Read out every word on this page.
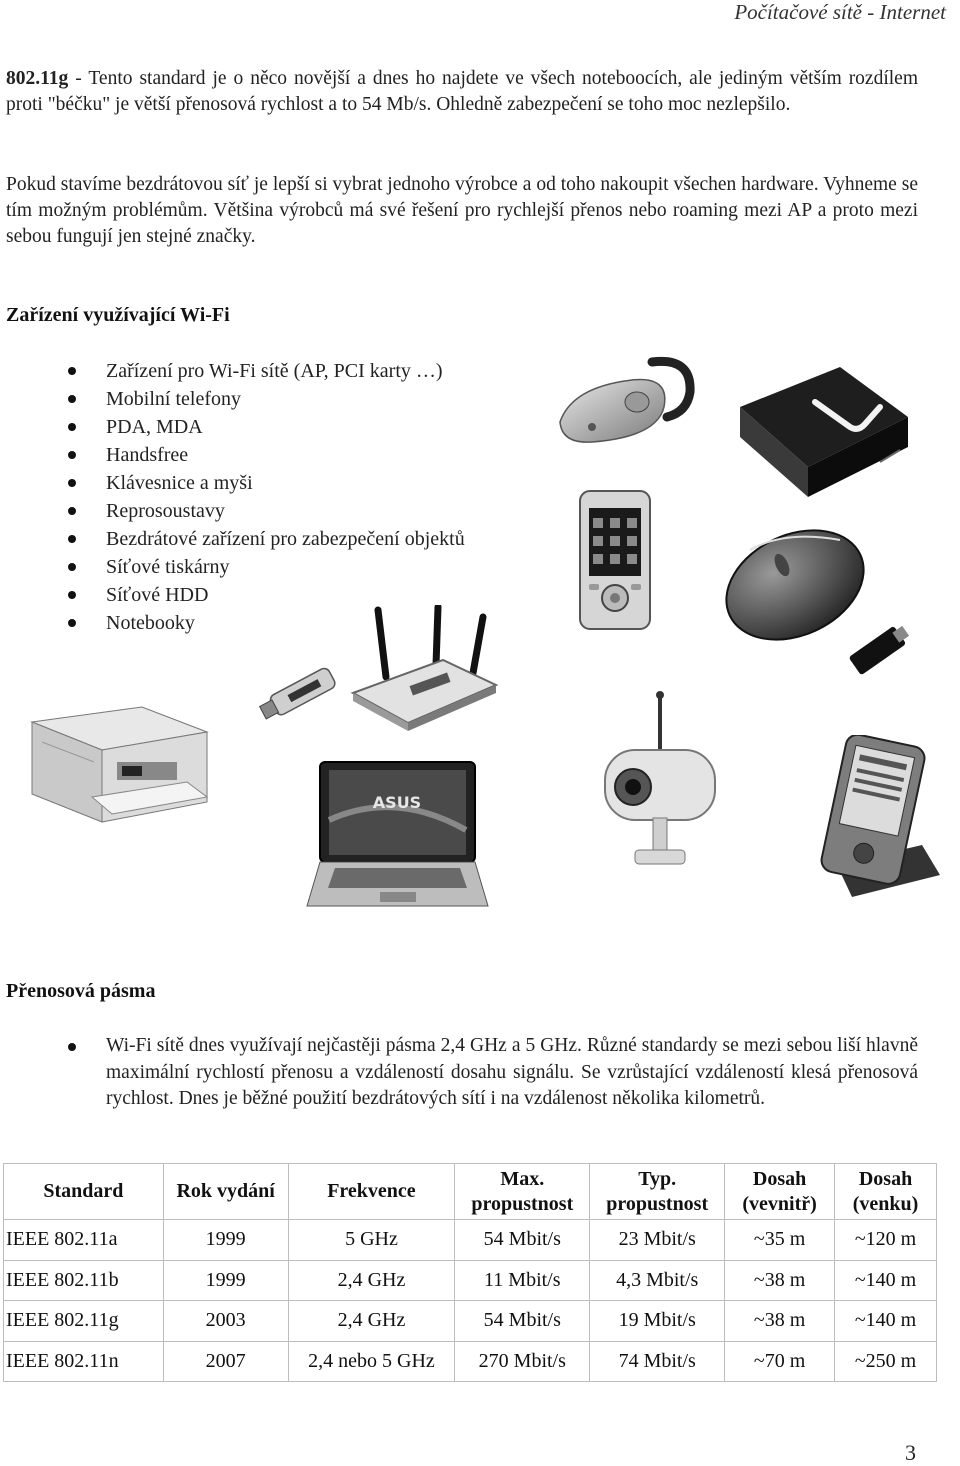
Počítačové sítě - Internet
802.11g - Tento standard je o něco novější a dnes ho najdete ve všech noteboocích, ale jediným větším rozdílem proti "béčku" je větší přenosová rychlost a to 54 Mb/s. Ohledně zabezpečení se toho moc nezlepšilo.
Pokud stavíme bezdrátovou síť je lepší si vybrat jednoho výrobce a od toho nakoupit všechen hardware. Vyhneme se tím možným problémům. Většina výrobců má své řešení pro rychlejší přenos nebo roaming mezi AP a proto mezi sebou fungují jen stejné značky.
Zařízení využívající Wi-Fi
Zařízení pro Wi-Fi sítě (AP, PCI karty …)
Mobilní telefony
PDA, MDA
Handsfree
Klávesnice a myši
Reprosoustavy
Bezdrátové zařízení pro zabezpečení objektů
Síťové tiskárny
Síťové HDD
Notebooky
ASUS
Přenosová pásma
Wi-Fi sítě dnes využívají nejčastěji pásma 2,4 GHz a 5 GHz. Různé standardy se mezi sebou liší hlavně maximální rychlostí přenosu a vzdáleností dosahu signálu. Se vzrůstající vzdáleností klesá přenosová rychlost. Dnes je běžné použití bezdrátových sítí i na vzdálenost několika kilometrů.
Standard	Rok vydání	Frekvence	Max. propustnost	Typ. propustnost	Dosah (vevnitř)	Dosah (venku)
IEEE 802.11a	1999	5 GHz	54 Mbit/s	23 Mbit/s	~35 m	~120 m
IEEE 802.11b	1999	2,4 GHz	11 Mbit/s	4,3 Mbit/s	~38 m	~140 m
IEEE 802.11g	2003	2,4 GHz	54 Mbit/s	19 Mbit/s	~38 m	~140 m
IEEE 802.11n	2007	2,4 nebo 5 GHz	270 Mbit/s	74 Mbit/s	~70 m	~250 m
3
